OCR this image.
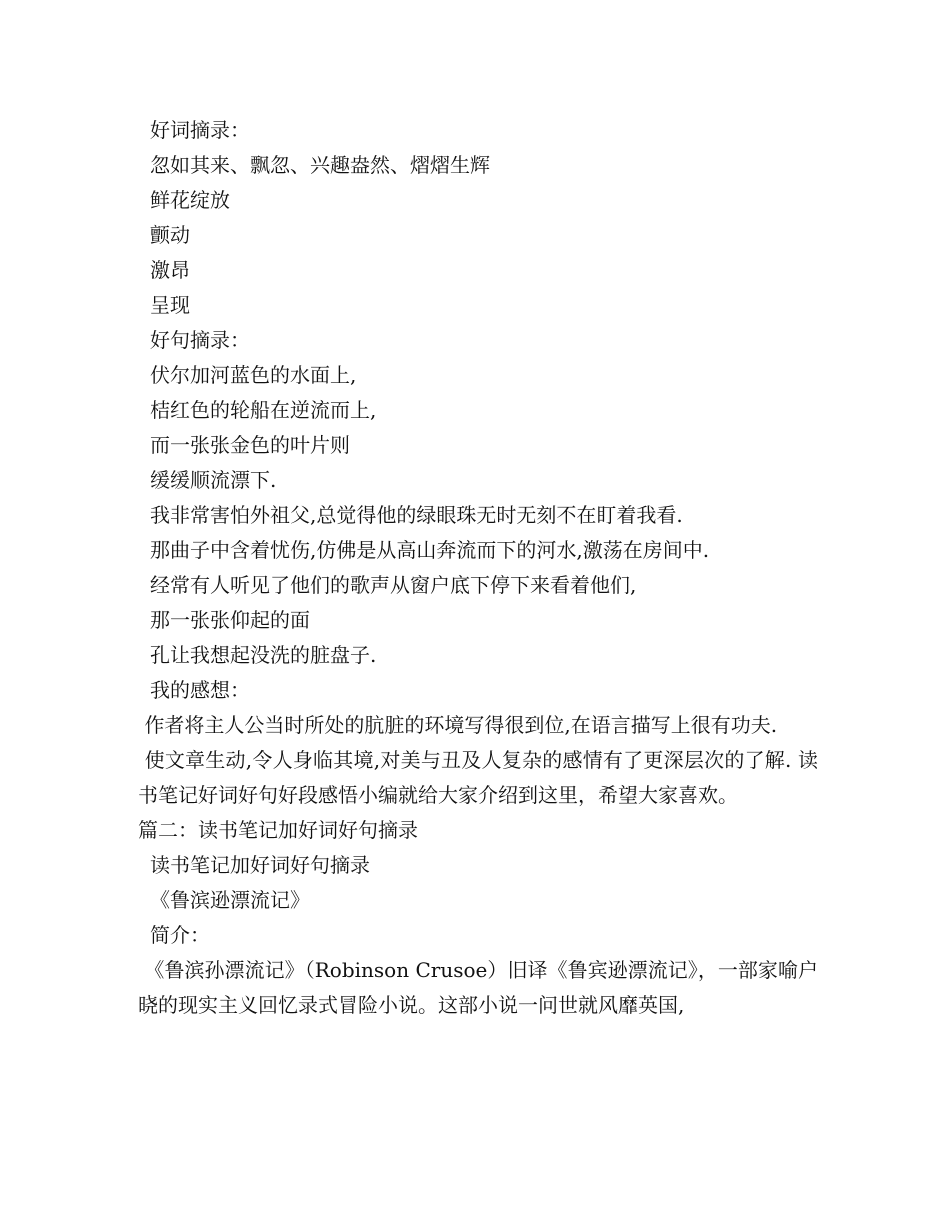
好词摘录：
忽如其来、飘忽、兴趣盎然、熠熠生辉
鲜花绽放
颤动
激昂
呈现
好句摘录：
伏尔加河蓝色的水面上,
桔红色的轮船在逆流而上,
而一张张金色的叶片则
缓缓顺流漂下.
我非常害怕外祖父,总觉得他的绿眼珠无时无刻不在盯着我看.
那曲子中含着忧伤,仿佛是从高山奔流而下的河水,激荡在房间中.
经常有人听见了他们的歌声从窗户底下停下来看着他们,
那一张张仰起的面
孔让我想起没洗的脏盘子.
我的感想：
作者将主人公当时所处的肮脏的环境写得很到位,在语言描写上很有功夫.
使文章生动,令人身临其境,对美与丑及人复杂的感情有了更深层次的了解. 读书笔记好词好句好段感悟小编就给大家介绍到这里，希望大家喜欢。
篇二：读书笔记加好词好句摘录
读书笔记加好词好句摘录
《鲁滨逊漂流记》
简介：
《鲁滨孙漂流记》（Robinson Crusoe）旧译《鲁宾逊漂流记》，一部家喻户晓的现实主义回忆录式冒险小说。这部小说一问世就风靡英国,
